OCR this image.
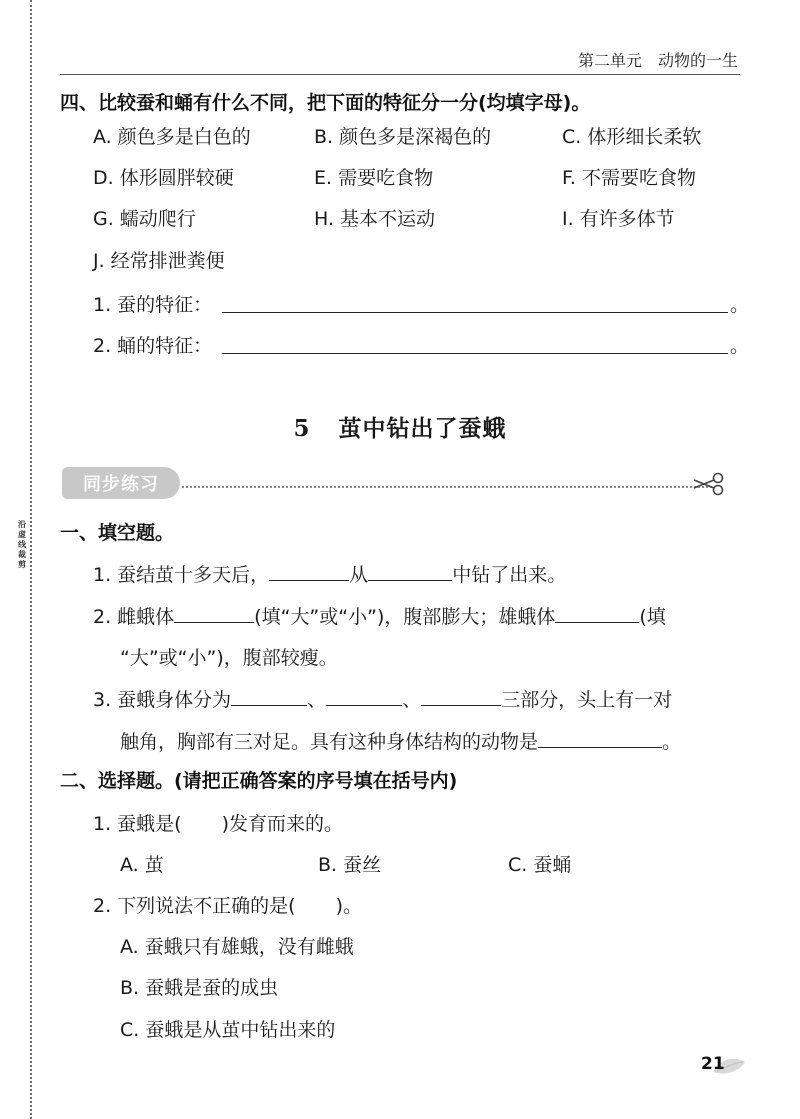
沿虚线裁剪
第二单元　动物的一生
四、比较蚕和蛹有什么不同，把下面的特征分一分(均填字母)。
A. 颜色多是白色的	B. 颜色多是深褐色的	C. 体形细长柔软
D. 体形圆胖较硬	E. 需要吃食物	F. 不需要吃食物
G. 蠕动爬行	H. 基本不运动	I. 有许多体节
J. 经常排泄粪便
1. 蚕的特征：	。
2. 蛹的特征：	。
5 茧中钻出了蚕蛾
同步练习
一、填空题。
1. 蚕结茧十多天后，	从	中钻了出来。
2. 雌蛾体	(填“大”或“小”)，腹部膨大；雄蛾体	(填
“大”或“小”)，腹部较瘦。
3. 蚕蛾身体分为	、	、	三部分，头上有一对
触角，胸部有三对足。具有这种身体结构的动物是	。
二、选择题。(请把正确答案的序号填在括号内)
1. 蚕蛾是( )发育而来的。
A. 茧	B. 蚕丝	C. 蚕蛹
2. 下列说法不正确的是( )。
A. 蚕蛾只有雄蛾，没有雌蛾
B. 蚕蛾是蚕的成虫
C. 蚕蛾是从茧中钻出来的
21
